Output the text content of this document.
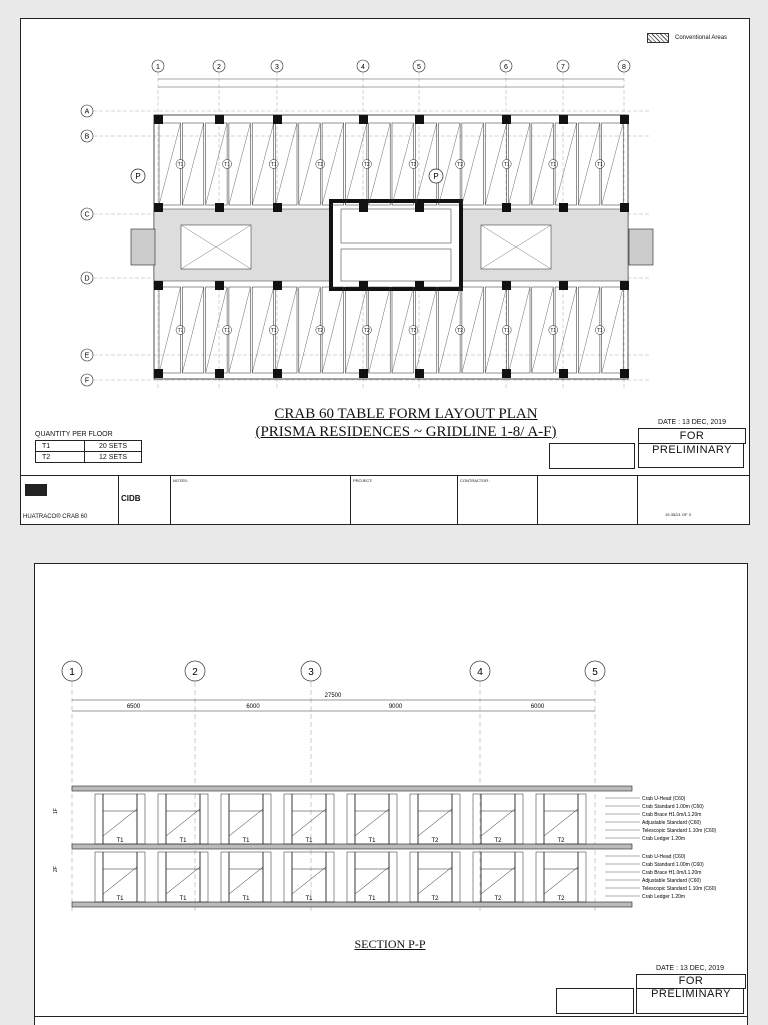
1	2	3	4	5	6	7	8
A
B
C
D
E
F
T1	T1	T1	T2	T2	T2	T2	T1	T1	T1
T1	T1	T1	T2	T2	T2	T2	T1	T1	T1
P	P
Conventional Areas
CRAB 60 TABLE FORM LAYOUT PLAN
(PRISMA RESIDENCES ~ GRIDLINE 1-8/ A-F)
DATE : 13 DEC, 2019
FOR PRELIMINARY
QUANTITY PER FLOOR
T1	20 SETS
T2	12 SETS
HUATRACO® CRAB 60
CIDB
NOTES:	PROJECT:	CONTRACTOR :
19-352/1 OF 3
1	2	3	4	5
27500
6500	6000	9000	6000
T1	T1	T1	T1	T1	T2	T2	T2
T1	T1	T1	T1	T1	T2	T2	T2
1F
2F
Crab U-Head (C60)
Crab Standard 1.00m (C60)
Crab Brace H1.0m/L1.20m
Adjustable Standard (C60)
Telescopic Standard 1.10m (C60)
Crab Ledger 1.20m
Crab U-Head (C60)
Crab Standard 1.00m (C60)
Crab Brace H1.0m/L1.20m
Adjustable Standard (C60)
Telescopic Standard 1.10m (C60)
Crab Ledger 1.20m
SECTION P-P
DATE : 13 DEC, 2019
FOR PRELIMINARY
